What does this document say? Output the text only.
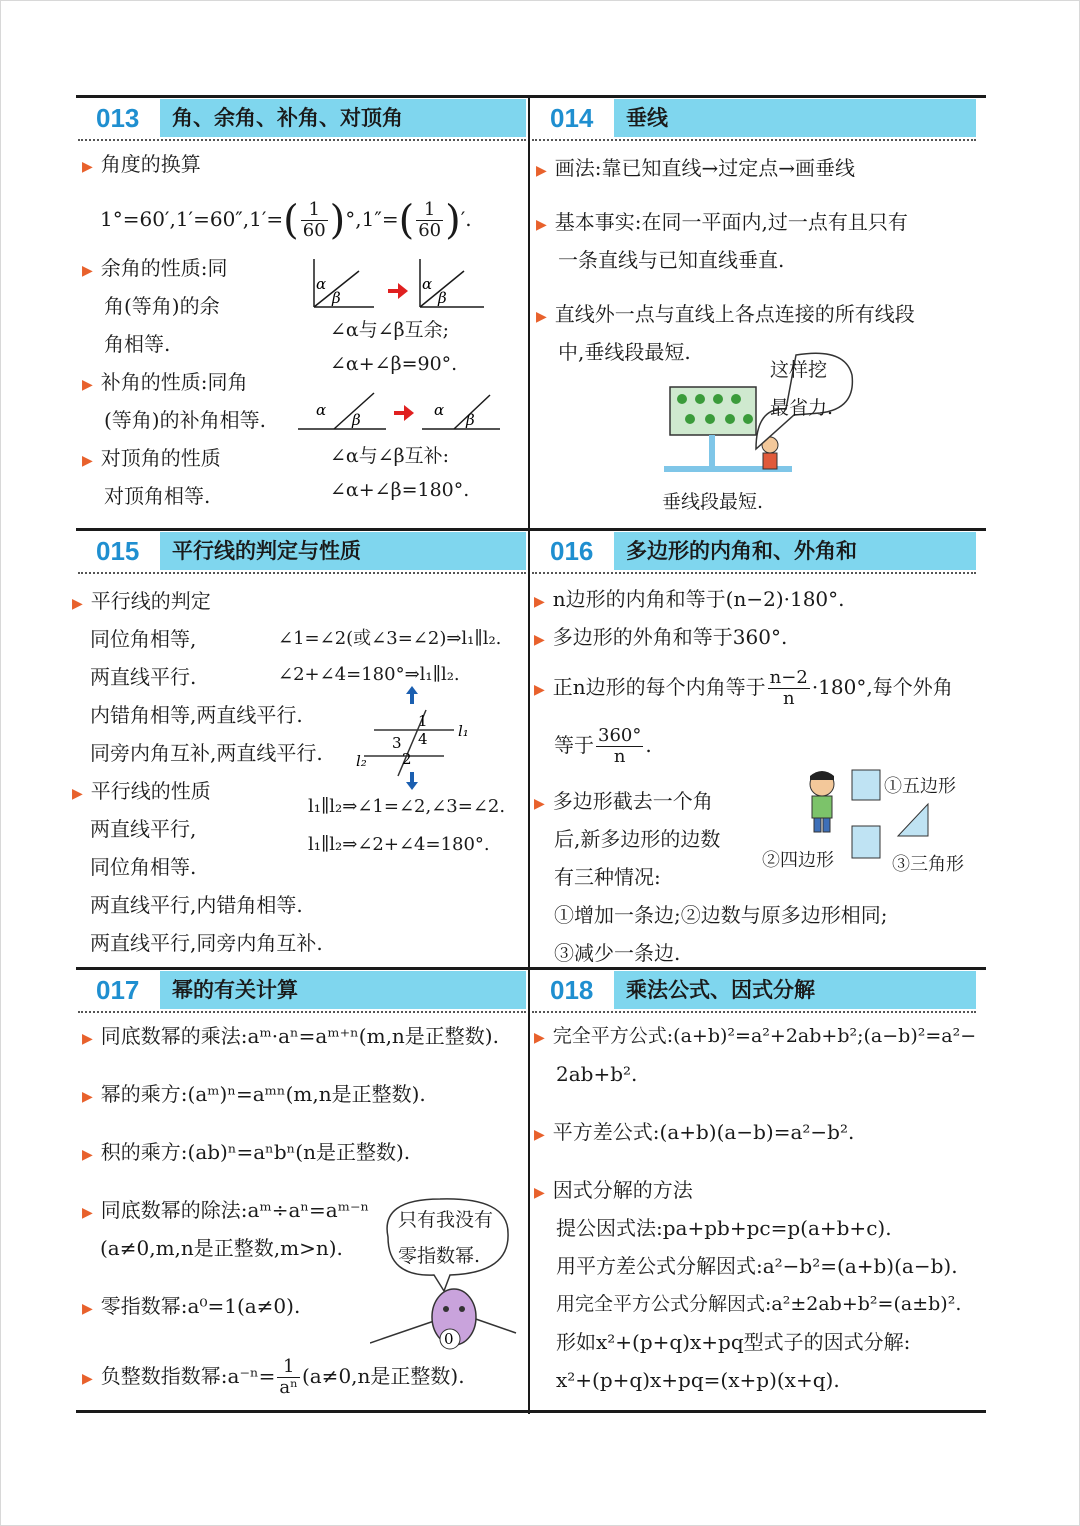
013	角、余角、补角、对顶角
▶ 角度的换算
$1^\circ=60',1'=60'',1'=( \frac{1}{60} )^\circ,1''=( \frac{1}{60}$ )′.
▶ 余角的性质:同
角(等角)的余
角相等.
▶ 补角的性质:同角
(等角)的补角相等.
▶ 对顶角的性质
对顶角相等.
α
β
α
β
∠α与∠β互余;
∠α+∠β=90°.
α
β
α
β
∠α与∠β互补:
∠α+∠β=180°.
014	垂线
▶ 画法:靠已知直线→过定点→画垂线
▶ 基本事实:在同一平面内,过一点有且只有
一条直线与已知直线垂直.
▶ 直线外一点与直线上各点连接的所有线段
中,垂线段最短.
这样挖
最省力.
垂线段最短.
015	平行线的判定与性质
▶ 平行线的判定
同位角相等,
两直线平行.
内错角相等,两直线平行.
同旁内角互补,两直线平行.
∠1=∠2(或∠3=∠2)⇒l₁∥l₂.
∠2+∠4=180°⇒l₁∥l₂.
1
2
3 4 l₁
l₂
▶ 平行线的性质
两直线平行,
同位角相等.
两直线平行,内错角相等.
两直线平行,同旁内角互补.
l₁∥l₂⇒∠1=∠2,∠3=∠2.
l₁∥l₂⇒∠2+∠4=180°.
016	多边形的内角和、外角和
▶ n边形的内角和等于(n−2)·180°.
▶ 多边形的外角和等于360°.
▶ 正n边形的每个内角等于 $\frac{n-2}{n} \cdot 180^\circ$,每个外角
等于 $\frac{360^\circ}{n}$ .
▶ 多边形截去一个角
后,新多边形的边数
有三种情况:
①增加一条边;②边数与原多边形相同;
③减少一条边.
①五边形
②四边形	③三角形
017	幂的有关计算
▶ 同底数幂的乘法:aᵐ·aⁿ=aᵐ⁺ⁿ(m,n是正整数).
▶ 幂的乘方:(aᵐ)ⁿ=aᵐⁿ(m,n是正整数).
▶ 积的乘方:(ab)ⁿ=aⁿbⁿ(n是正整数).
▶ 同底数幂的除法:aᵐ÷aⁿ=aᵐ⁻ⁿ
(a≠0,m,n是正整数,m>n).
▶ 零指数幂:a⁰=1(a≠0).
▶ 负整数指数幂:a⁻ⁿ= $\frac{1}{\text{aⁿ}} (a\ne 0,n$是正整数).
0
只有我没有
零指数幂.
018	乘法公式、因式分解
▶ 完全平方公式:(a+b)²=a²+2ab+b²;(a−b)²=a²−
2ab+b².
▶ 平方差公式:(a+b)(a−b)=a²−b².
▶ 因式分解的方法
提公因式法:pa+pb+pc=p(a+b+c).
用平方差公式分解因式:a²−b²=(a+b)(a−b).
用完全平方公式分解因式:a²±2ab+b²=(a±b)².
形如x²+(p+q)x+pq型式子的因式分解:
x²+(p+q)x+pq=(x+p)(x+q).
